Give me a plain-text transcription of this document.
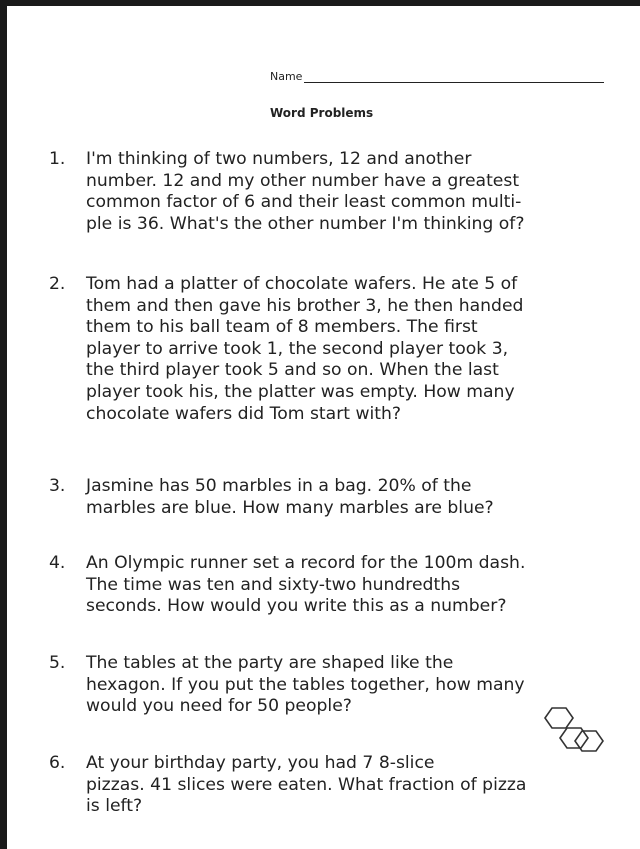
Name
Word Problems
1.	I'm thinking of two numbers, 12 and another
number. 12 and my other number have a greatest
common factor of 6 and their least common multi-
ple is 36. What's the other number I'm thinking of?
2.	Tom had a platter of chocolate wafers. He ate 5 of
them and then gave his brother 3, he then handed
them to his ball team of 8 members. The first
player to arrive took 1, the second player took 3,
the third player took 5 and so on. When the last
player took his, the platter was empty. How many
chocolate wafers did Tom start with?
3.	Jasmine has 50 marbles in a bag. 20% of the
marbles are blue. How many marbles are blue?
4.	An Olympic runner set a record for the 100m dash.
The time was ten and sixty-two hundredths
seconds. How would you write this as a number?
5.	The tables at the party are shaped like the
hexagon. If you put the tables together, how many
would you need for 50 people?
6.	At your birthday party, you had 7 8-slice
pizzas. 41 slices were eaten. What fraction of pizza
is left?
